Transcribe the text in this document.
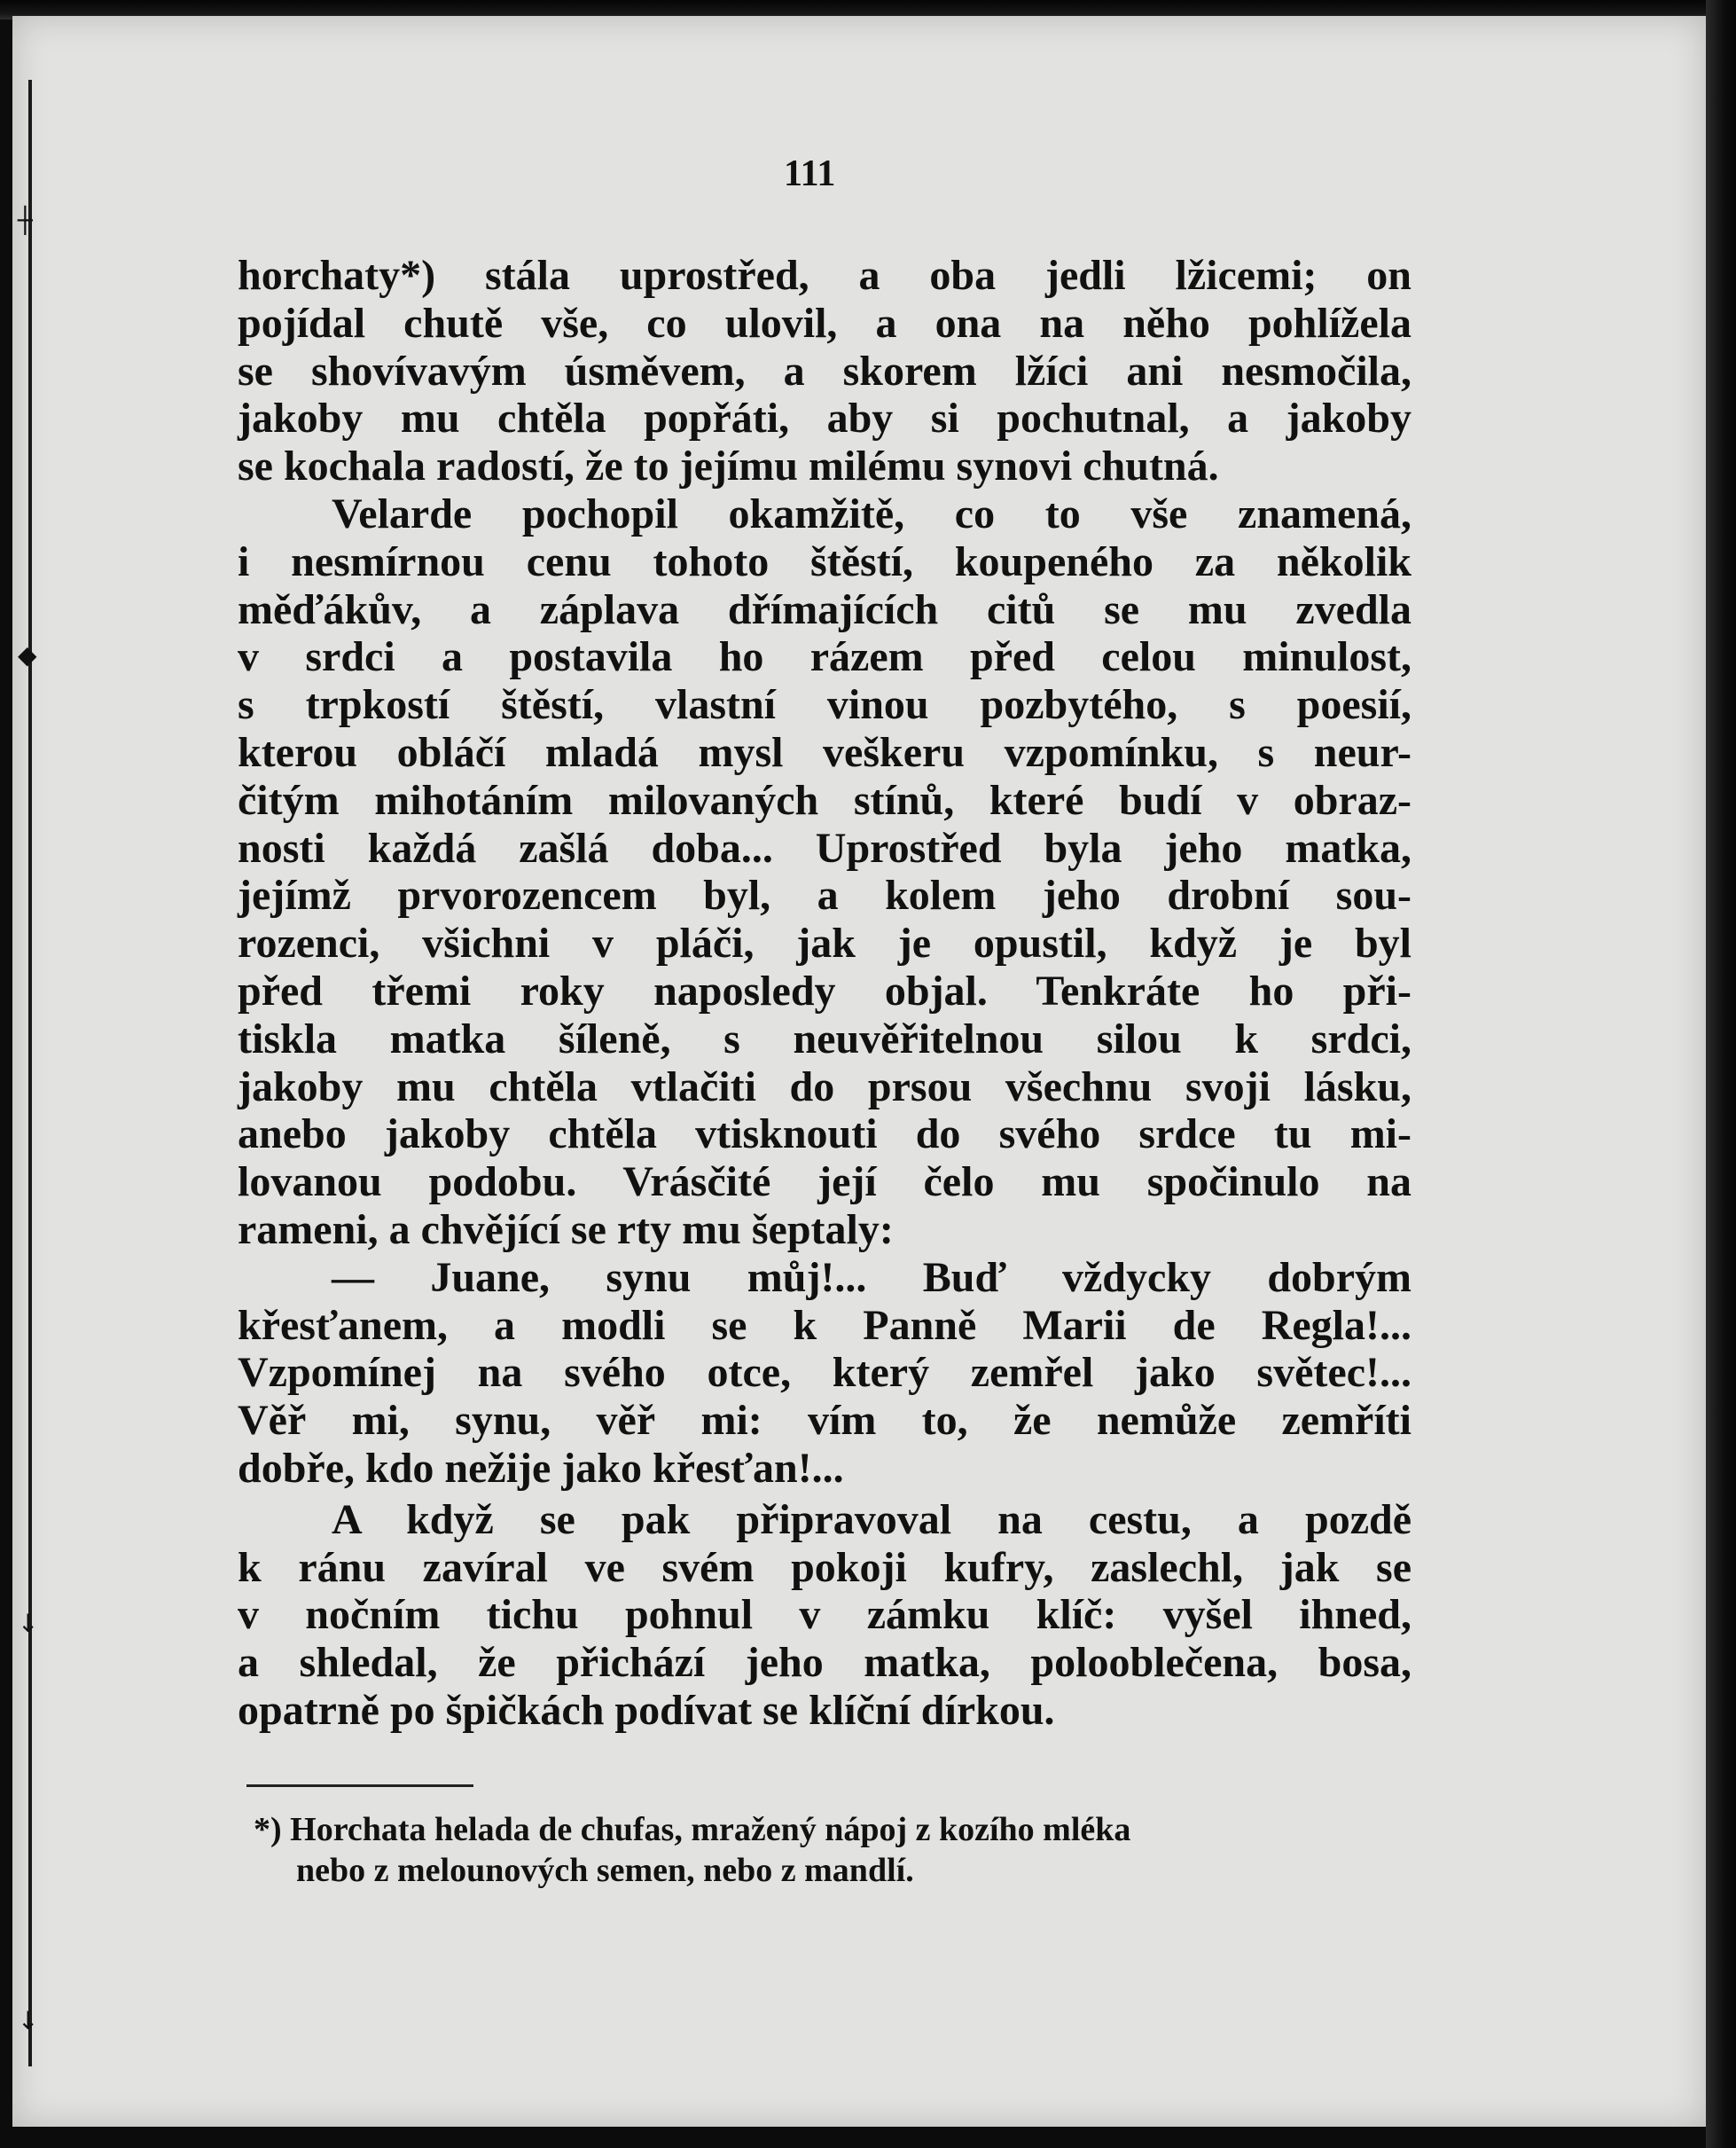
┼
◆
↓
↓
111
horchaty*) stála uprostřed, a oba jedli lžicemi; on
pojídal chutě vše, co ulovil, a ona na něho pohlížela
se shovívavým úsměvem, a skorem lžíci ani nesmočila,
jakoby mu chtěla popřáti, aby si pochutnal, a jakoby
se kochala radostí, že to jejímu milému synovi chutná.
Velarde pochopil okamžitě, co to vše znamená,
i nesmírnou cenu tohoto štěstí, koupeného za několik
měďákův, a záplava dřímajících citů se mu zvedla
v srdci a postavila ho rázem před celou minulost,
s trpkostí štěstí, vlastní vinou pozbytého, s poesií,
kterou obláčí mladá mysl veškeru vzpomínku, s neur-
čitým mihotáním milovaných stínů, které budí v obraz-
nosti každá zašlá doba... Uprostřed byla jeho matka,
jejímž prvorozencem byl, a kolem jeho drobní sou-
rozenci, všichni v pláči, jak je opustil, když je byl
před třemi roky naposledy objal. Tenkráte ho při-
tiskla matka šíleně, s neuvěřitelnou silou k srdci,
jakoby mu chtěla vtlačiti do prsou všechnu svoji lásku,
anebo jakoby chtěla vtisknouti do svého srdce tu mi-
lovanou podobu. Vrásčité její čelo mu spočinulo na
rameni, a chvějící se rty mu šeptaly:
— Juane, synu můj!... Buď vždycky dobrým
křesťanem, a modli se k Panně Marii de Regla!...
Vzpomínej na svého otce, který zemřel jako světec!...
Věř mi, synu, věř mi: vím to, že nemůže zemříti
dobře, kdo nežije jako křesťan!...
A když se pak připravoval na cestu, a pozdě
k ránu zavíral ve svém pokoji kufry, zaslechl, jak se
v nočním tichu pohnul v zámku klíč: vyšel ihned,
a shledal, že přichází jeho matka, polooblečena, bosa,
opatrně po špičkách podívat se klíční dírkou.
*) Horchata helada de chufas, mražený nápoj z kozího mléka
nebo z melounových semen, nebo z mandlí.
